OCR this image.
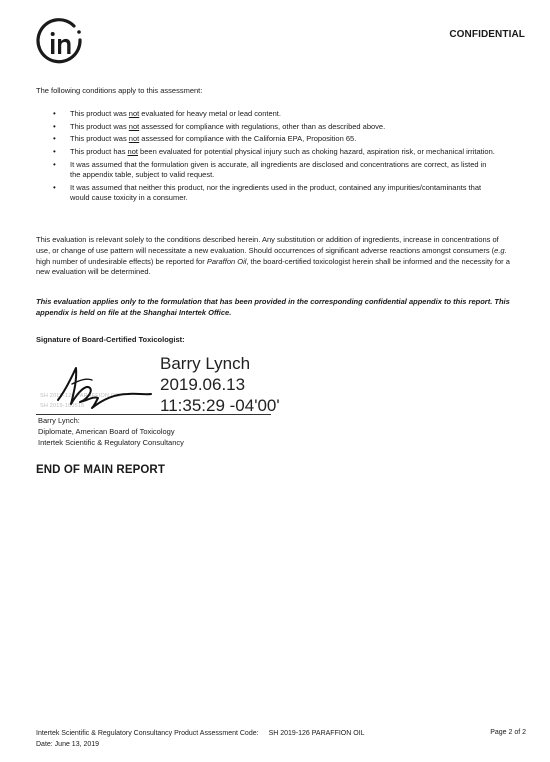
CONFIDENTIAL
The following conditions apply to this assessment:
• This product was not evaluated for heavy metal or lead content.
• This product was not assessed for compliance with regulations, other than as described above.
• This product was not assessed for compliance with the California EPA, Proposition 65.
• This product has not been evaluated for potential physical injury such as choking hazard, aspiration risk, or mechanical irritation.
• It was assumed that the formulation given is accurate, all ingredients are disclosed and concentrations are correct, as listed in the appendix table, subject to valid request.
• It was assumed that neither this product, nor the ingredients used in the product, contained any impurities/contaminants that would cause toxicity in a consumer.
This evaluation is relevant solely to the conditions described herein. Any substitution or addition of ingredients, increase in concentrations of use, or change of use pattern will necessitate a new evaluation. Should occurrences of significant adverse reactions amongst consumers (e.g. high number of undesirable effects) be reported for Paraffon Oil, the board-certified toxicologist herein shall be informed and the necessity for a new evaluation will be determined.
This evaluation applies only to the formulation that has been provided in the corresponding confidential appendix to this report. This appendix is held on file at the Shanghai Intertek Office.
Signature of Board-Certified Toxicologist:
SH 2019-126 PARAFFION OIL
SH 2019-100515
Barry Lynch
2019.06.13
11:35:29 -04'00'
Barry Lynch:
Diplomate, American Board of Toxicology
Intertek Scientific & Regulatory Consultancy
END OF MAIN REPORT
Intertek Scientific & Regulatory Consultancy Product Assessment Code: SH 2019-126 PARAFFION OIL
Date: June 13, 2019
Page 2 of 2
